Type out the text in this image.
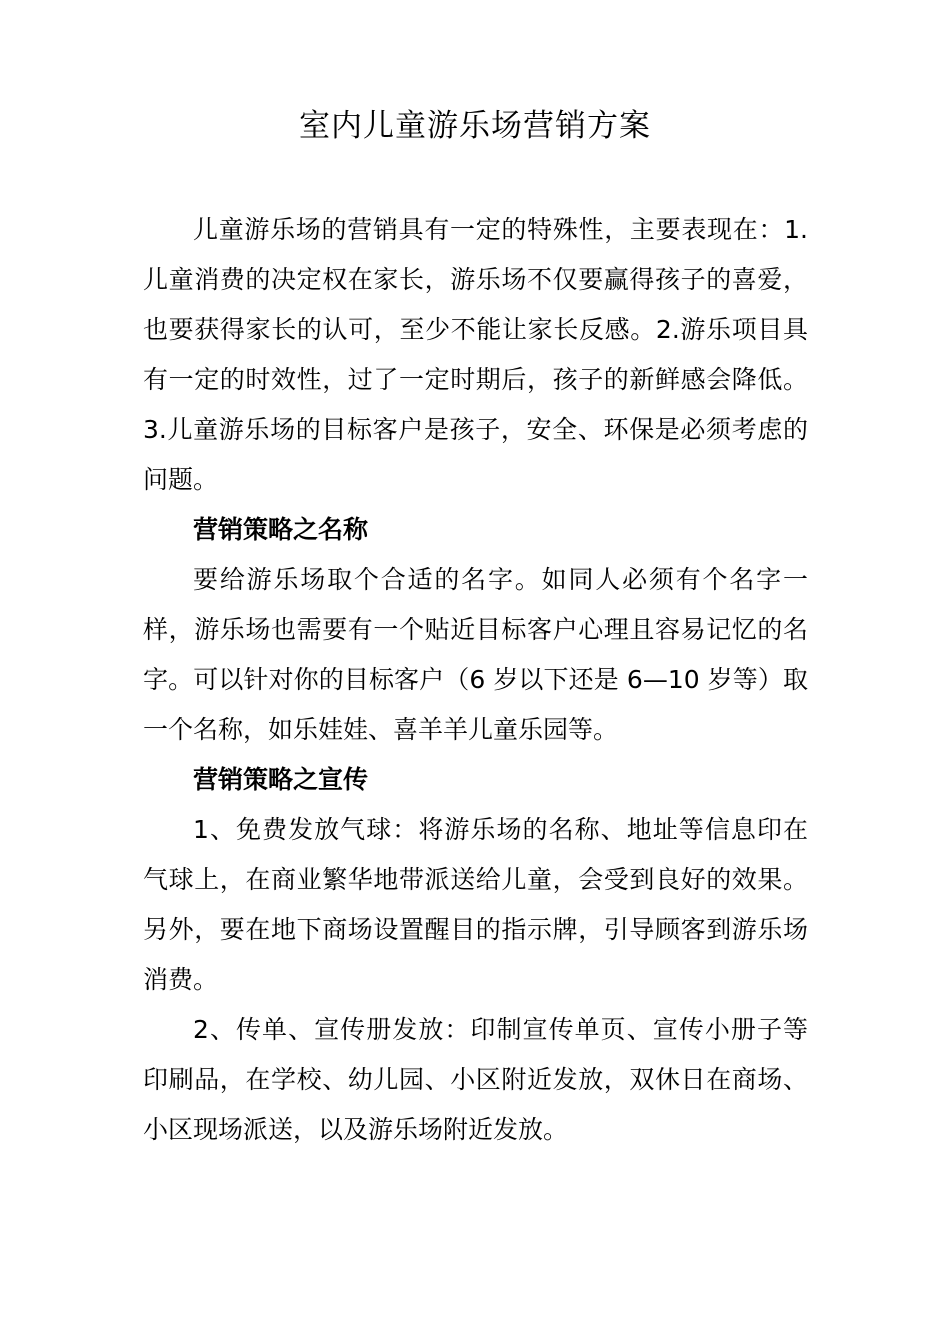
室内儿童游乐场营销方案

儿童游乐场的营销具有一定的特殊性，主要表现在：1.儿童消费的决定权在家长，游乐场不仅要赢得孩子的喜爱，也要获得家长的认可，至少不能让家长反感。2.游乐项目具有一定的时效性，过了一定时期后，孩子的新鲜感会降低。3.儿童游乐场的目标客户是孩子，安全、环保是必须考虑的问题。

营销策略之名称

要给游乐场取个合适的名字。如同人必须有个名字一样，游乐场也需要有一个贴近目标客户心理且容易记忆的名字。可以针对你的目标客户（6 岁以下还是 6—10 岁等）取一个名称，如乐娃娃、喜羊羊儿童乐园等。

营销策略之宣传

1、免费发放气球：将游乐场的名称、地址等信息印在气球上，在商业繁华地带派送给儿童，会受到良好的效果。另外，要在地下商场设置醒目的指示牌，引导顾客到游乐场消费。

2、传单、宣传册发放：印制宣传单页、宣传小册子等印刷品，在学校、幼儿园、小区附近发放，双休日在商场、小区现场派送，以及游乐场附近发放。
